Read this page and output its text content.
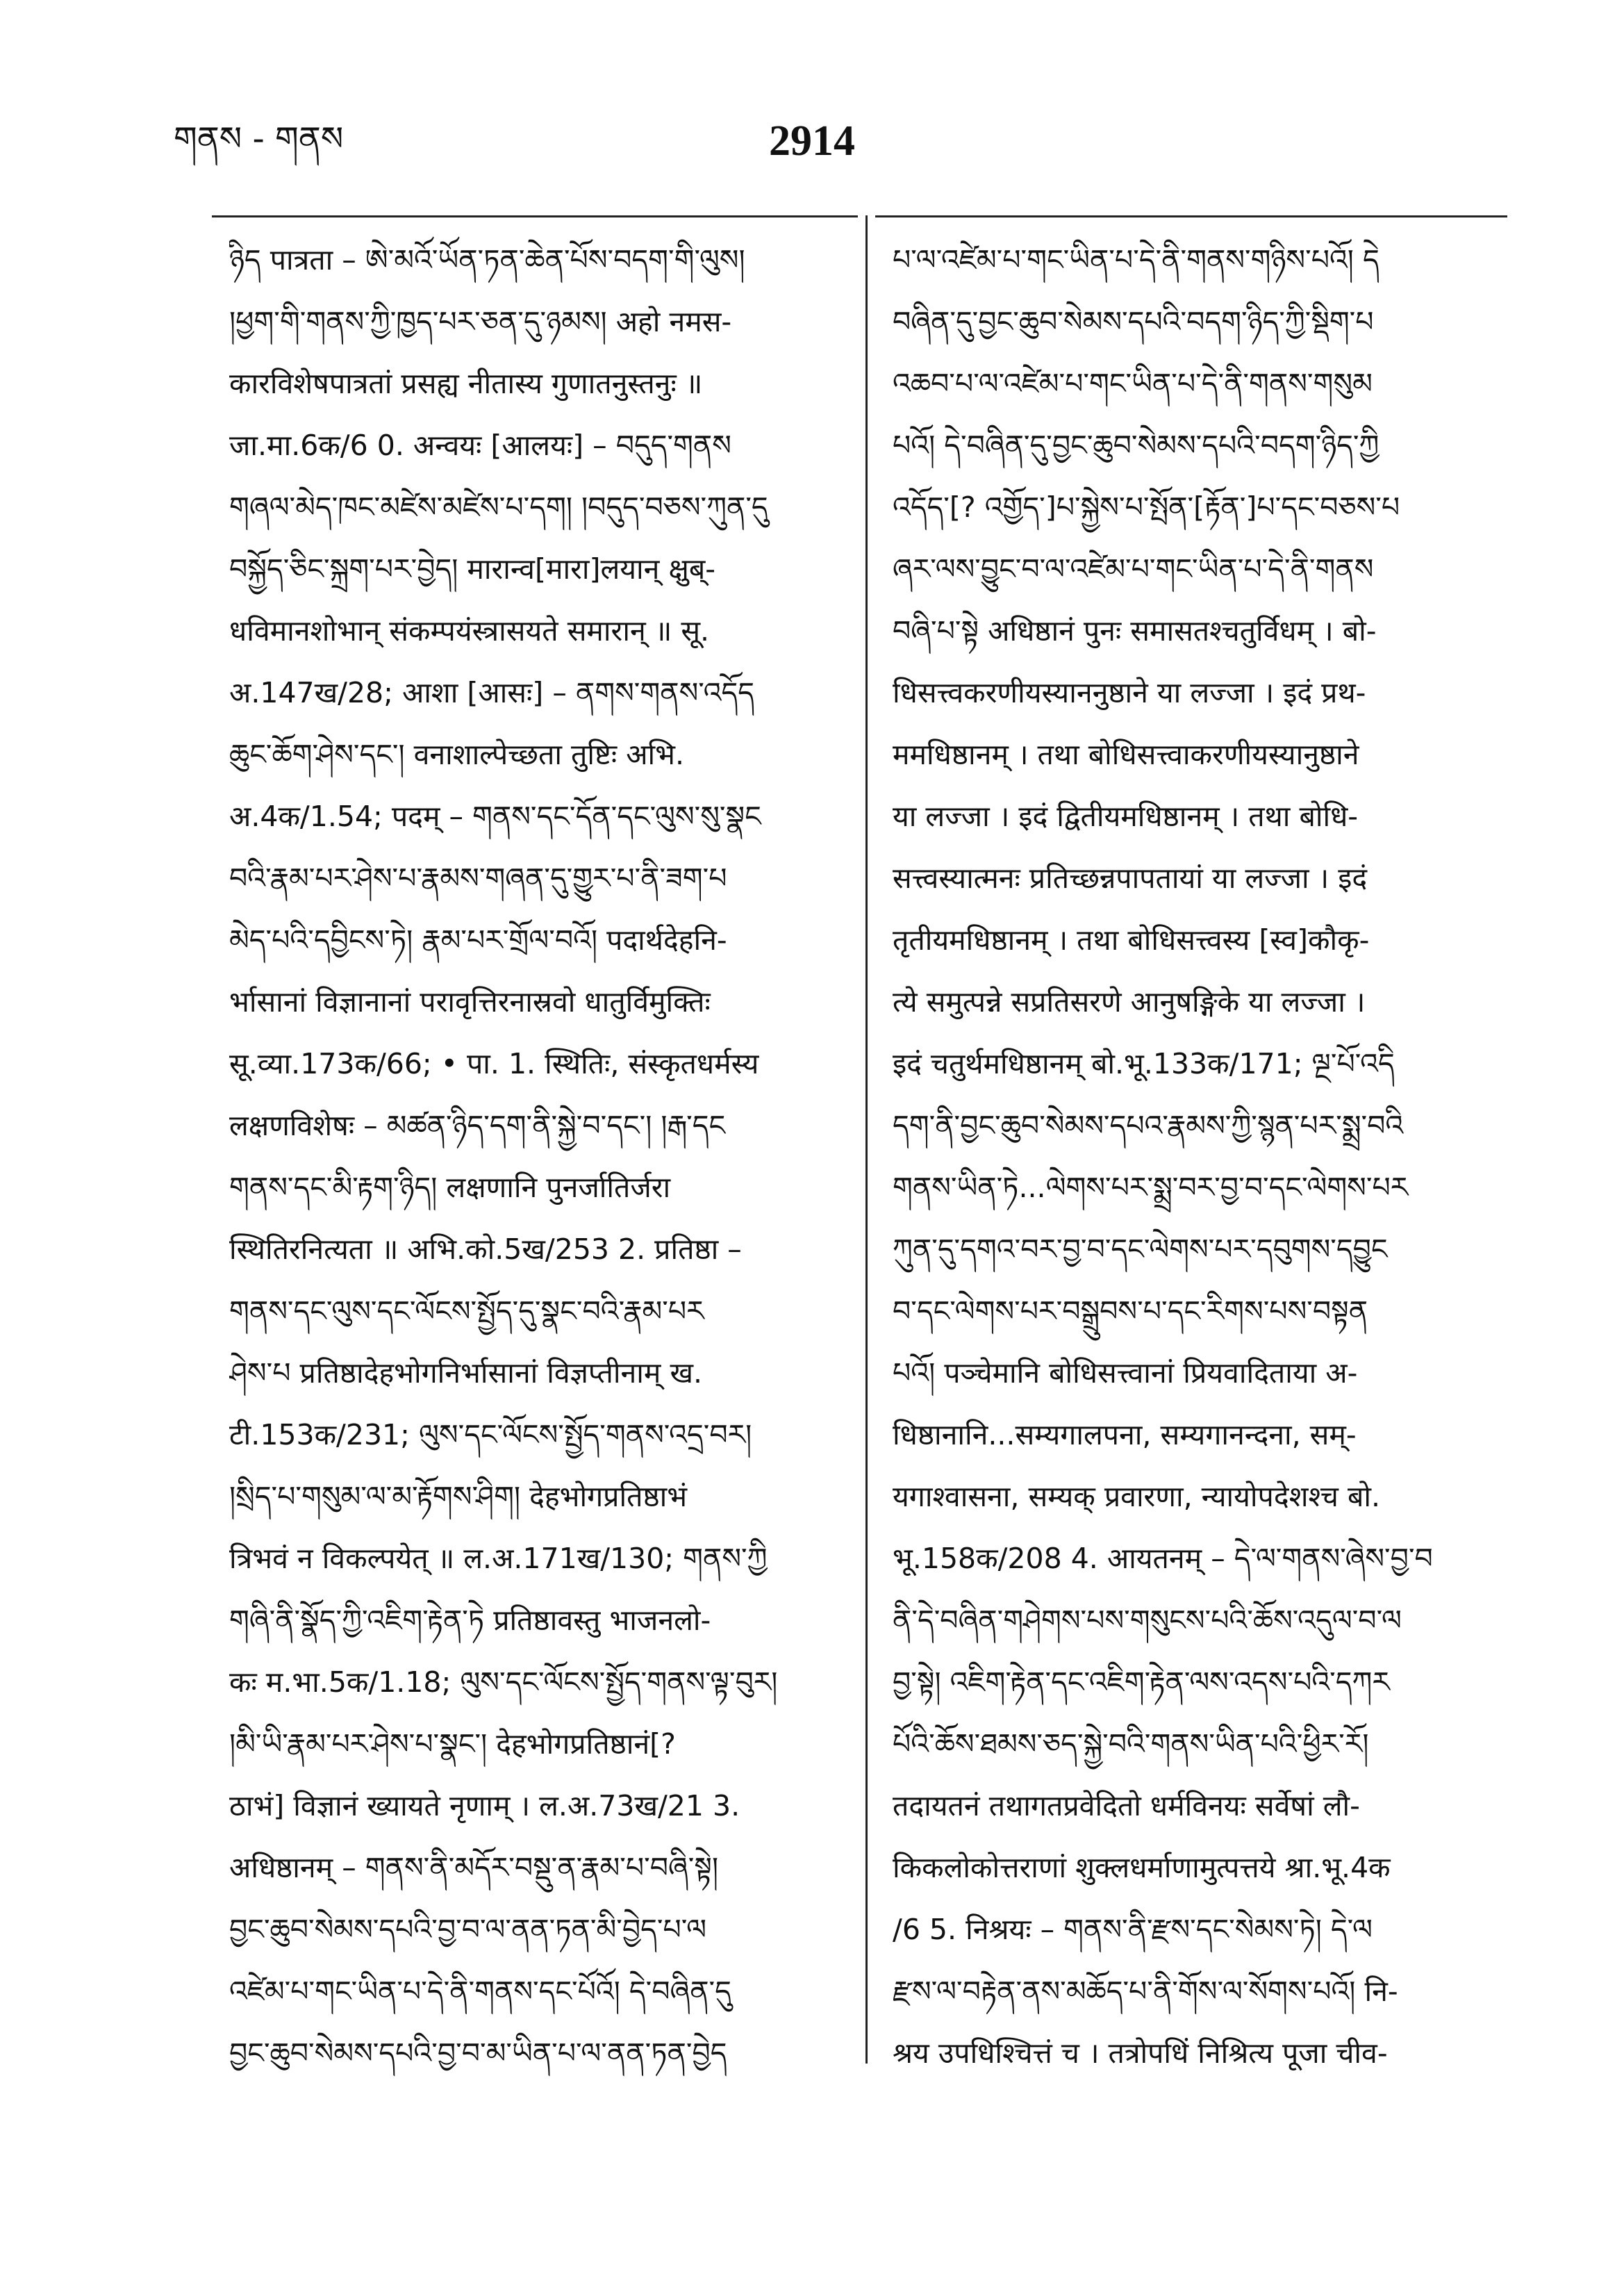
གནས - གནས	2914
ཉིད पात्रता – ཨེ་མའོ་ཡོན་ཏན་ཆེན་པོས་བདག་གི་ལུས།
།ཕྱག་གི་གནས་ཀྱི་ཁྱད་པར་ཅན་དུ་ཉམས། अहो नमस-
कारविशेषपात्रतां प्रसह्य नीतास्य गुणातनुस्तनुः ॥
जा.मा.6क/6 0. अन्वयः [आलयः] – བདུད་གནས
གཞལ་མེད་ཁང་མཛེས་མཛེས་པ་དག། །བདུད་བཅས་ཀུན་དུ
བསྐྱོད་ཅིང་སྐྲག་པར་བྱེད། मारान्व[मारा]लयान् क्षुब्-
धविमानशोभान् संकम्पयंस्त्रासयते समारान् ॥ सू.
अ.147ख/28; आशा [आसः] – ནགས་གནས་འདོད
ཆུང་ཆོག་ཤེས་དང་། वनाशाल्पेच्छता तुष्टिः अभि.
अ.4क/1.54; पदम् – གནས་དང་དོན་དང་ལུས་སུ་སྣང
བའི་རྣམ་པར་ཤེས་པ་རྣམས་གཞན་དུ་གྱུར་པ་ནི་ཟག་པ
མེད་པའི་དབྱིངས་ཏེ། རྣམ་པར་གྲོལ་བའོ། पदार्थदेहनि-
र्भासानां विज्ञानानां परावृत्तिरनास्रवो धातुर्विमुक्तिः
सू.व्या.173क/66; • पा. 1. स्थितिः, संस्कृतधर्मस्य
लक्षणविशेषः – མཚན་ཉིད་དག་ནི་སྐྱེ་བ་དང་། །རྒ་དང
གནས་དང་མི་རྟག་ཉིད། लक्षणानि पुनर्जातिर्जरा
स्थितिरनित्यता ॥ अभि.को.5ख/253 2. प्रतिष्ठा –
གནས་དང་ལུས་དང་ལོངས་སྤྱོད་དུ་སྣང་བའི་རྣམ་པར
ཤེས་པ प्रतिष्ठादेहभोगनिर्भासानां विज्ञप्तीनाम् ख.
टी.153क/231; ལུས་དང་ལོངས་སྤྱོད་གནས་འདྲ་བར།
།སྲིད་པ་གསུམ་ལ་མ་རྟོགས་ཤིག། देहभोगप्रतिष्ठाभं
त्रिभवं न विकल्पयेत् ॥ ल.अ.171ख/130; གནས་ཀྱི
གཞི་ནི་སྣོད་ཀྱི་འཇིག་རྟེན་ཏེ प्रतिष्ठावस्तु भाजनलो-
कः म.भा.5क/1.18; ལུས་དང་ལོངས་སྤྱོད་གནས་ལྟ་བུར།
།མི་ཡི་རྣམ་པར་ཤེས་པ་སྣང་། देहभोगप्रतिष्ठानं[?
ठाभं] विज्ञानं ख्यायते नृणाम् । ल.अ.73ख/21 3.
अधिष्ठानम् – གནས་ནི་མདོར་བསྡུ་ན་རྣམ་པ་བཞི་སྟེ།
བྱང་ཆུབ་སེམས་དཔའི་བྱ་བ་ལ་ནན་ཏན་མི་བྱེད་པ་ལ
འཛེམ་པ་གང་ཡིན་པ་དེ་ནི་གནས་དང་པོའོ། དེ་བཞིན་དུ
བྱང་ཆུབ་སེམས་དཔའི་བྱ་བ་མ་ཡིན་པ་ལ་ནན་ཏན་བྱེད
པ་ལ་འཛེམ་པ་གང་ཡིན་པ་དེ་ནི་གནས་གཉིས་པའོ། དེ
བཞིན་དུ་བྱང་ཆུབ་སེམས་དཔའི་བདག་ཉིད་ཀྱི་སྡིག་པ
འཆབ་པ་ལ་འཛེམ་པ་གང་ཡིན་པ་དེ་ནི་གནས་གསུམ
པའོ། དེ་བཞིན་དུ་བྱང་ཆུབ་སེམས་དཔའི་བདག་ཉིད་ཀྱི
འདོད་[? འགྱོད་]པ་སྐྱེས་པ་སྤོན་[རྟོན་]པ་དང་བཅས་པ
ཞར་ལས་བྱུང་བ་ལ་འཛེམ་པ་གང་ཡིན་པ་དེ་ནི་གནས
བཞི་པ་སྟེ अधिष्ठानं पुनः समासतश्चतुर्विधम् । बो-
धिसत्त्वकरणीयस्याननुष्ठाने या लज्जा । इदं प्रथ-
ममधिष्ठानम् । तथा बोधिसत्त्वाकरणीयस्यानुष्ठाने
या लज्जा । इदं द्वितीयमधिष्ठानम् । तथा बोधि-
सत्त्वस्यात्मनः प्रतिच्छन्नपापतायां या लज्जा । इदं
तृतीयमधिष्ठानम् । तथा बोधिसत्त्वस्य [स्व]कौकृ-
त्ये समुत्पन्ने सप्रतिसरणे आनुषङ्गिके या लज्जा ।
इदं चतुर्थमधिष्ठानम् बो.भू.133क/171; ལྔ་པོ་འདི
དག་ནི་བྱང་ཆུབ་སེམས་དཔའ་རྣམས་ཀྱི་སྙན་པར་སྨྲ་བའི
གནས་ཡིན་ཏེ...ལེགས་པར་སྨྲ་བར་བྱ་བ་དང་ལེགས་པར
ཀུན་དུ་དགའ་བར་བྱ་བ་དང་ལེགས་པར་དབུགས་དབྱུང
བ་དང་ལེགས་པར་བསྒྲུབས་པ་དང་རིགས་པས་བསྟན
པའོ། पञ्चेमानि बोधिसत्त्वानां प्रियवादिताया अ-
धिष्ठानानि...सम्यगालपना, सम्यगानन्दना, सम्-
यगाश्वासना, सम्यक् प्रवारणा, न्यायोपदेशश्च बो.
भू.158क/208 4. आयतनम् – དེ་ལ་གནས་ཞེས་བྱ་བ
ནི་དེ་བཞིན་གཤེགས་པས་གསུངས་པའི་ཆོས་འདུལ་བ་ལ
བྱ་སྟེ། འཇིག་རྟེན་དང་འཇིག་རྟེན་ལས་འདས་པའི་དཀར
པོའི་ཆོས་ཐམས་ཅད་སྐྱེ་བའི་གནས་ཡིན་པའི་ཕྱིར་རོ།
तदायतनं तथागतप्रवेदितो धर्मविनयः सर्वेषां लौ-
किकलोकोत्तराणां शुक्लधर्माणामुत्पत्तये श्रा.भू.4क
/6 5. निश्रयः – གནས་ནི་རྫས་དང་སེམས་ཏེ། དེ་ལ
རྫས་ལ་བརྟེན་ནས་མཆོད་པ་ནི་གོས་ལ་སོགས་པའོ། नि-
श्रय उपधिश्चित्तं च । तत्रोपधिं निश्रित्य पूजा चीव-
